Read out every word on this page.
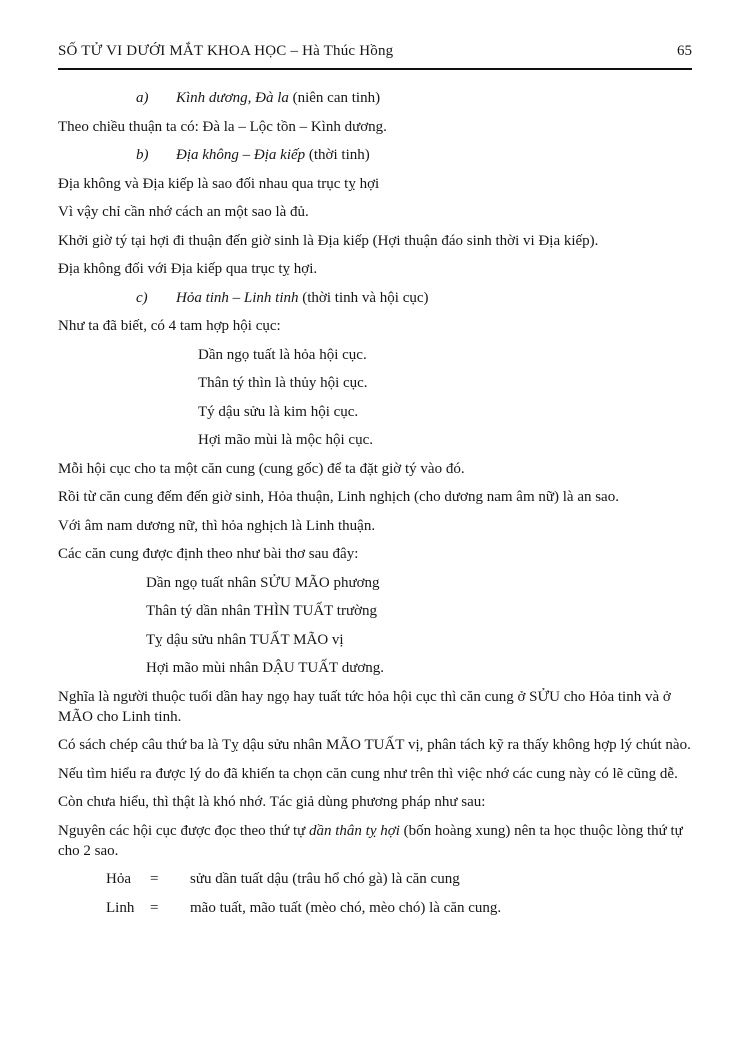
SỐ TỬ VI DƯỚI MẮT KHOA HỌC – Hà Thúc Hồng	65

a) Kình dương, Đà la (niên can tinh)

Theo chiều thuận ta có: Đà la – Lộc tồn – Kình dương.

b) Địa không – Địa kiếp (thời tinh)

Địa không và Địa kiếp là sao đối nhau qua trục tỵ hợi

Vì vậy chỉ cần nhớ cách an một sao là đủ.

Khởi giờ tý tại hợi đi thuận đến giờ sinh là Địa kiếp (Hợi thuận đáo sinh thời vi Địa kiếp).

Địa không đối với Địa kiếp qua trục tỵ hợi.

c) Hỏa tinh – Linh tinh (thời tinh và hội cục)

Như ta đã biết, có 4 tam hợp hội cục:

Dần ngọ tuất là hỏa hội cục.

Thân tý thìn là thủy hội cục.

Tý dậu sửu là kim hội cục.

Hợi mão mùi là mộc hội cục.

Mỗi hội cục cho ta một căn cung (cung gốc) để ta đặt giờ tý vào đó.

Rồi từ căn cung đếm đến giờ sinh, Hỏa thuận, Linh nghịch (cho dương nam âm nữ) là an sao.

Với âm nam dương nữ, thì hỏa nghịch là Linh thuận.

Các căn cung được định theo như bài thơ sau đây:

Dần ngọ tuất nhân SỬU MÃO phương

Thân tý dần nhân THÌN TUẤT trường

Tỵ dậu sửu nhân TUẤT MÃO vị

Hợi mão mùi nhân DẬU TUẤT dương.

Nghĩa là người thuộc tuổi dần hay ngọ hay tuất tức hỏa hội cục thì căn cung ở SỬU cho Hỏa tinh và ở MÃO cho Linh tinh.

Có sách chép câu thứ ba là Tỵ dậu sửu nhân MÃO TUẤT vị, phân tách kỹ ra thấy không hợp lý chút nào.

Nếu tìm hiểu ra được lý do đã khiến ta chọn căn cung như trên thì việc nhớ các cung này có lẽ cũng dễ.

Còn chưa hiểu, thì thật là khó nhớ. Tác giả dùng phương pháp như sau:

Nguyên các hội cục được đọc theo thứ tự dần thân tỵ hợi (bốn hoàng xung) nên ta học thuộc lòng thứ tự cho 2 sao.

Hỏa = sửu dần tuất dậu (trâu hổ chó gà) là căn cung

Linh = mão tuất, mão tuất (mèo chó, mèo chó) là căn cung.
